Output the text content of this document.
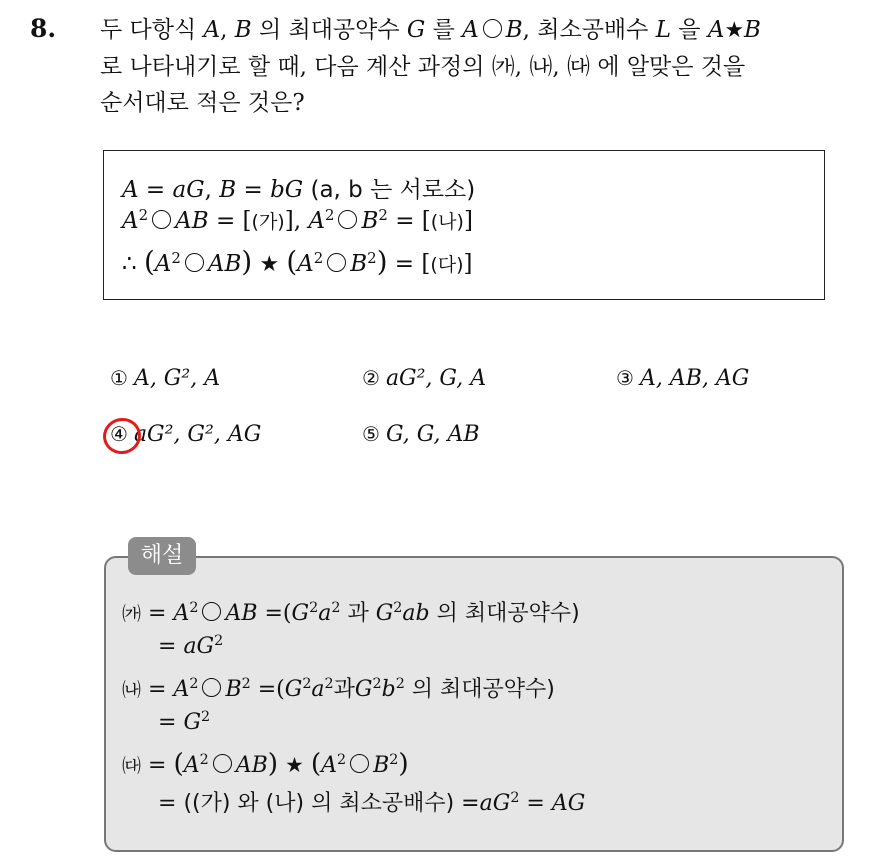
8. 두 다항식 A, B 의 최대공약수 G 를 A B, 최소공배수 L 을 A★B
로 나타내기로 할 때, 다음 계산 과정의 ㈎, ㈏, ㈐ 에 알맞은 것을
순서대로 적은 것은?
A = aG, B = bG (a, b 는 서로소)
$A^2$ AB = [(가)], $A^2$ $B^2$ = [(나)]
∴ ($A^2$ AB) ★ ($A^2$ $B^2$) = [(다)]
① A, G², A	② aG², G, A	③ A, AB, AG
④ aG², G², AG	⑤ G, G, AB
㈎ = $A^2$ AB $=(G^2a^2$ 과 $G^2ab$ 의 최대공약수)
= $aG^2$
㈏ = $A^2$ $B^2 =(G^2a^2$과$G^2b^2$ 의 최대공약수)
= $G^2$
㈐ = ($A^2$ AB) ★ ($A^2$ $B^2$)
= ((가) 와 (나) 의 최소공배수) $=aG^2$ = AG
해설
